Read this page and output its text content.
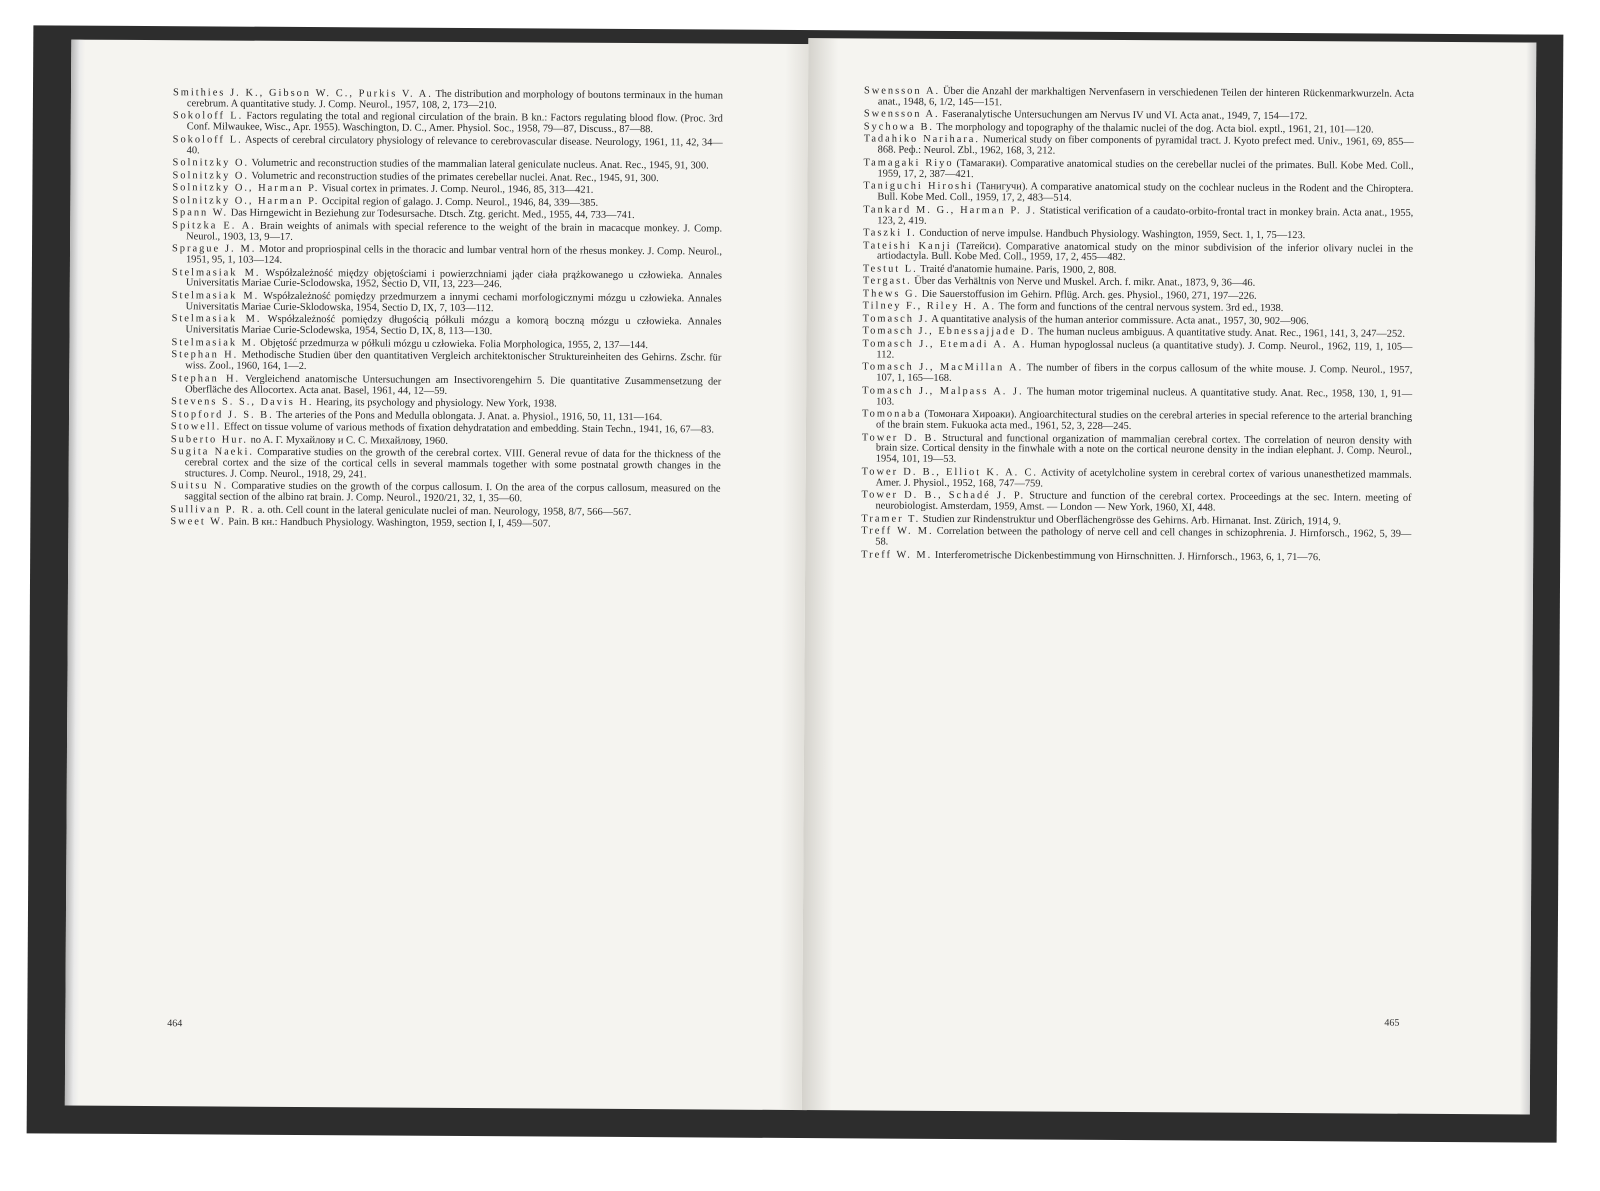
Smithies J. K., Gibson W. C., Purkis V. A. The distribution and morphology of boutons terminaux in the human cerebrum. A quantitative study. J. Comp. Neurol., 1957, 108, 2, 173—210.

Sokoloff L. Factors regulating the total and regional circulation of the brain. B kn.: Factors regulating blood flow. (Proc. 3rd Conf. Milwaukee, Wisc., Apr. 1955). Waschington, D. C., Amer. Physiol. Soc., 1958, 79—87, Discuss., 87—88.

Sokoloff L. Aspects of cerebral circulatory physiology of relevance to cerebrovascular disease. Neurology, 1961, 11, 42, 34—40.

Solnitzky O. Volumetric and reconstruction studies of the mammalian lateral geniculate nucleus. Anat. Rec., 1945, 91, 300.

Solnitzky O. Volumetric and reconstruction studies of the primates cerebellar nuclei. Anat. Rec., 1945, 91, 300.

Solnitzky O., Harman P. Visual cortex in primates. J. Comp. Neurol., 1946, 85, 313—421.

Solnitzky O., Harman P. Occipital region of galago. J. Comp. Neurol., 1946, 84, 339—385.

Spann W. Das Hirngewicht in Beziehung zur Todesursache. Dtsch. Ztg. gericht. Med., 1955, 44, 733—741.

Spitzka E. A. Brain weights of animals with special reference to the weight of the brain in macacque monkey. J. Comp. Neurol., 1903, 13, 9—17.

Sprague J. M. Motor and propriospinal cells in the thoracic and lumbar ventral horn of the rhesus monkey. J. Comp. Neurol., 1951, 95, 1, 103—124.

Stelmasiak M. Współzależność między objętościami i powierzchniami jąder ciała prążkowanego u człowieka. Annales Universitatis Mariae Curie-Sclodowska, 1952, Sectio D, VII, 13, 223—246.

Stelmasiak M. Współzależność pomiędzy przedmurzem a innymi cechami morfologicznymi mózgu u człowieka. Annales Universitatis Mariae Curie-Sklodowska, 1954, Sectio D, IX, 7, 103—112.

Stelmasiak M. Współzależność pomiędzy długością półkuli mózgu a komorą boczną mózgu u człowieka. Annales Universitatis Mariae Curie-Sclodewska, 1954, Sectio D, IX, 8, 113—130.

Stelmasiak M. Objętość przedmurza w półkuli mózgu u człowieka. Folia Morphologica, 1955, 2, 137—144.

Stephan H. Methodische Studien über den quantitativen Vergleich architektonischer Struktureinheiten des Gehirns. Zschr. für wiss. Zool., 1960, 164, 1—2.

Stephan H. Vergleichend anatomische Untersuchungen am Insectivorengehirn 5. Die quantitative Zusammensetzung der Oberfläche des Allocortex. Acta anat. Basel, 1961, 44, 12—59.

Stevens S. S., Davis H. Hearing, its psychology and physiology. New York, 1938.

Stopford J. S. B. The arteries of the Pons and Medulla oblongata. J. Anat. a. Physiol., 1916, 50, 11, 131—164.

Stowell. Effect on tissue volume of various methods of fixation dehydratation and embedding. Stain Techn., 1941, 16, 67—83.

Suberto Hur. no A. Г. Мухайлову и С. С. Михайлову, 1960.

Sugita Naeki. Comparative studies on the growth of the cerebral cortex. VIII. General revue of data for the thickness of the cerebral cortex and the size of the cortical cells in several mammals together with some postnatal growth changes in the structures. J. Comp. Neurol., 1918, 29, 241.

Suitsu N. Comparative studies on the growth of the corpus callosum. I. On the area of the corpus callosum, measured on the saggital section of the albino rat brain. J. Comp. Neurol., 1920/21, 32, 1, 35—60.

Sullivan P. R. a. oth. Cell count in the lateral geniculate nuclei of man. Neurology, 1958, 8/7, 566—567.

Sweet W. Pain. B кн.: Handbuch Physiology. Washington, 1959, section I, I, 459—507.

464

Swensson A. Über die Anzahl der markhaltigen Nervenfasern in verschiedenen Teilen der hinteren Rückenmarkwurzeln. Acta anat., 1948, 6, 1/2, 145—151.

Swensson A. Faseranalytische Untersuchungen am Nervus IV und VI. Acta anat., 1949, 7, 154—172.

Sychowa B. The morphology and topography of the thalamic nuclei of the dog. Acta biol. exptl., 1961, 21, 101—120.

Tadahiko Narihara. Numerical study on fiber components of pyramidal tract. J. Kyoto prefect med. Univ., 1961, 69, 855—868. Реф.: Neurol. Zbl., 1962, 168, 3, 212.

Tamagaki Riyo (Тамагаки). Comparative anatomical studies on the cerebellar nuclei of the primates. Bull. Kobe Med. Coll., 1959, 17, 2, 387—421.

Taniguchi Hiroshi (Танигучи). A comparative anatomical study on the cochlear nucleus in the Rodent and the Chiroptera. Bull. Kobe Med. Coll., 1959, 17, 2, 483—514.

Tankard M. G., Harman P. J. Statistical verification of a caudato-orbito-frontal tract in monkey brain. Acta anat., 1955, 123, 2, 419.

Taszki I. Conduction of nerve impulse. Handbuch Physiology. Washington, 1959, Sect. 1, 1, 75—123.

Tateishi Kanji (Татейси). Comparative anatomical study on the minor subdivision of the inferior olivary nuclei in the artiodactyla. Bull. Kobe Med. Coll., 1959, 17, 2, 455—482.

Testut L. Traité d'anatomie humaine. Paris, 1900, 2, 808.

Tergast. Über das Verhältnis von Nerve und Muskel. Arch. f. mikr. Anat., 1873, 9, 36—46.

Thews G. Die Sauerstoffusion im Gehirn. Pflüg. Arch. ges. Physiol., 1960, 271, 197—226.

Tilney F., Riley H. A. The form and functions of the central nervous system. 3rd ed., 1938.

Tomasch J. A quantitative analysis of the human anterior commissure. Acta anat., 1957, 30, 902—906.

Tomasch J., Ebnessajjade D. The human nucleus ambiguus. A quantitative study. Anat. Rec., 1961, 141, 3, 247—252.

Tomasch J., Etemadi A. A. Human hypoglossal nucleus (a quantitative study). J. Comp. Neurol., 1962, 119, 1, 105—112.

Tomasch J., MacMillan A. The number of fibers in the corpus callosum of the white mouse. J. Comp. Neurol., 1957, 107, 1, 165—168.

Tomasch J., Malpass A. J. The human motor trigeminal nucleus. A quantitative study. Anat. Rec., 1958, 130, 1, 91—103.

Tomonaba (Томонага Хироаки). Angioarchitectural studies on the cerebral arteries in special reference to the arterial branching of the brain stem. Fukuoka acta med., 1961, 52, 3, 228—245.

Tower D. B. Structural and functional organization of mammalian cerebral cortex. The correlation of neuron density with brain size. Cortical density in the finwhale with a note on the cortical neurone density in the indian elephant. J. Comp. Neurol., 1954, 101, 19—53.

Tower D. B., Elliot K. A. C. Activity of acetylcholine system in cerebral cortex of various unanesthetized mammals. Amer. J. Physiol., 1952, 168, 747—759.

Tower D. B., Schadé J. P. Structure and function of the cerebral cortex. Proceedings at the sec. Intern. meeting of neurobiologist. Amsterdam, 1959, Amst. — London — New York, 1960, XI, 448.

Tramer T. Studien zur Rindenstruktur und Oberflächengrösse des Gehirns. Arb. Hirnanat. Inst. Zürich, 1914, 9.

Treff W. M. Correlation between the pathology of nerve cell and cell changes in schizophrenia. J. Hirnforsch., 1962, 5, 39—58.

Treff W. M. Interferometrische Dickenbestimmung von Hirnschnitten. J. Hirnforsch., 1963, 6, 1, 71—76.

465
